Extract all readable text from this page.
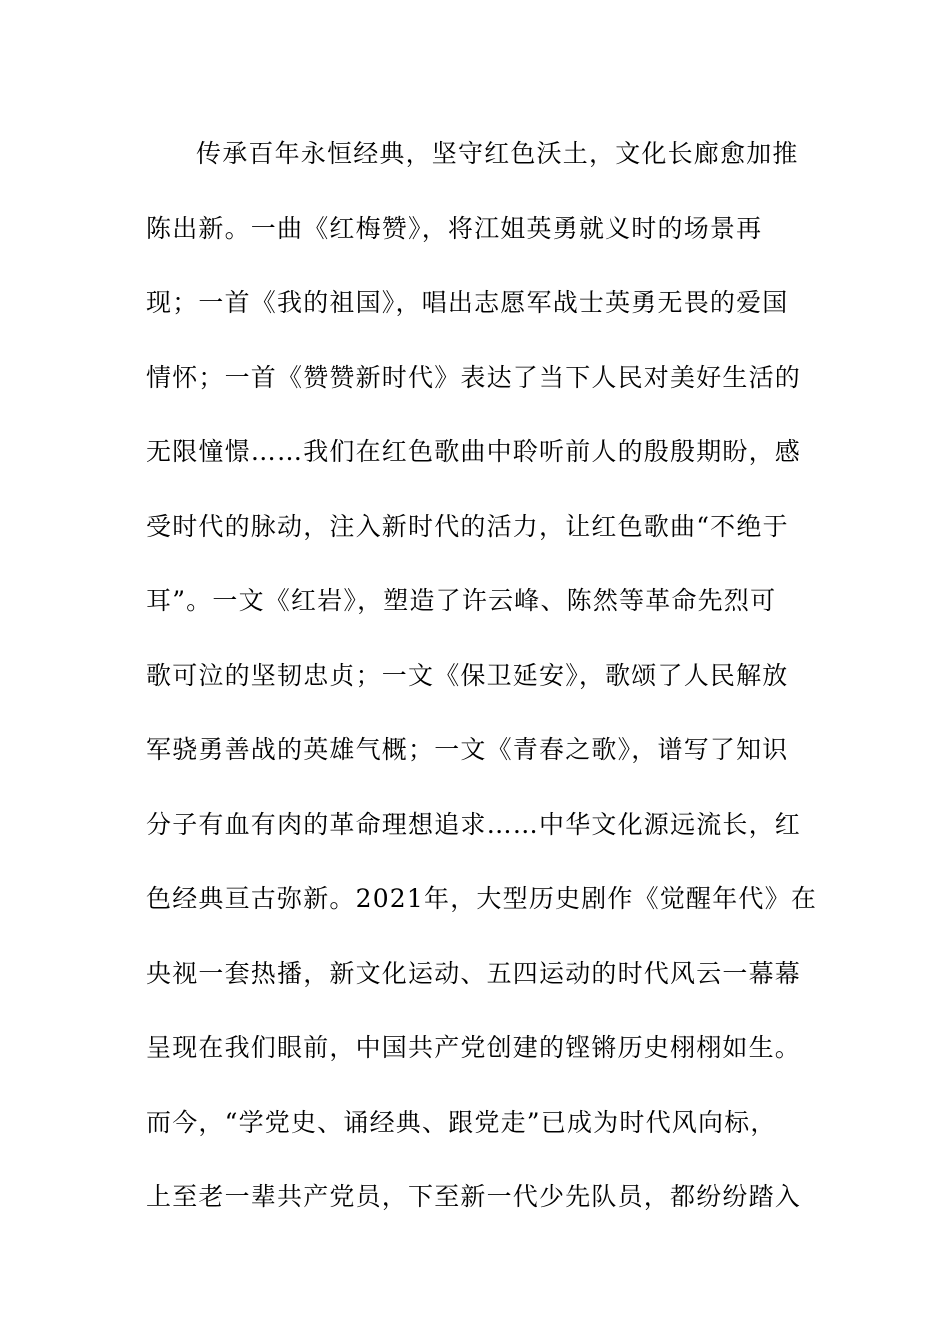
传承百年永恒经典，坚守红色沃土，文化长廊愈加推
陈出新。一曲《红梅赞》，将江姐英勇就义时的场景再
现；一首《我的祖国》，唱出志愿军战士英勇无畏的爱国
情怀；一首《赞赞新时代》表达了当下人民对美好生活的
无限憧憬……我们在红色歌曲中聆听前人的殷殷期盼，感
受时代的脉动，注入新时代的活力，让红色歌曲“不绝于
耳”。一文《红岩》，塑造了许云峰、陈然等革命先烈可
歌可泣的坚韧忠贞；一文《保卫延安》，歌颂了人民解放
军骁勇善战的英雄气概；一文《青春之歌》，谱写了知识
分子有血有肉的革命理想追求……中华文化源远流长，红
色经典亘古弥新。2021年，大型历史剧作《觉醒年代》在
央视一套热播，新文化运动、五四运动的时代风云一幕幕
呈现在我们眼前，中国共产党创建的铿锵历史栩栩如生。
而今，“学党史、诵经典、跟党走”已成为时代风向标，
上至老一辈共产党员，下至新一代少先队员，都纷纷踏入
